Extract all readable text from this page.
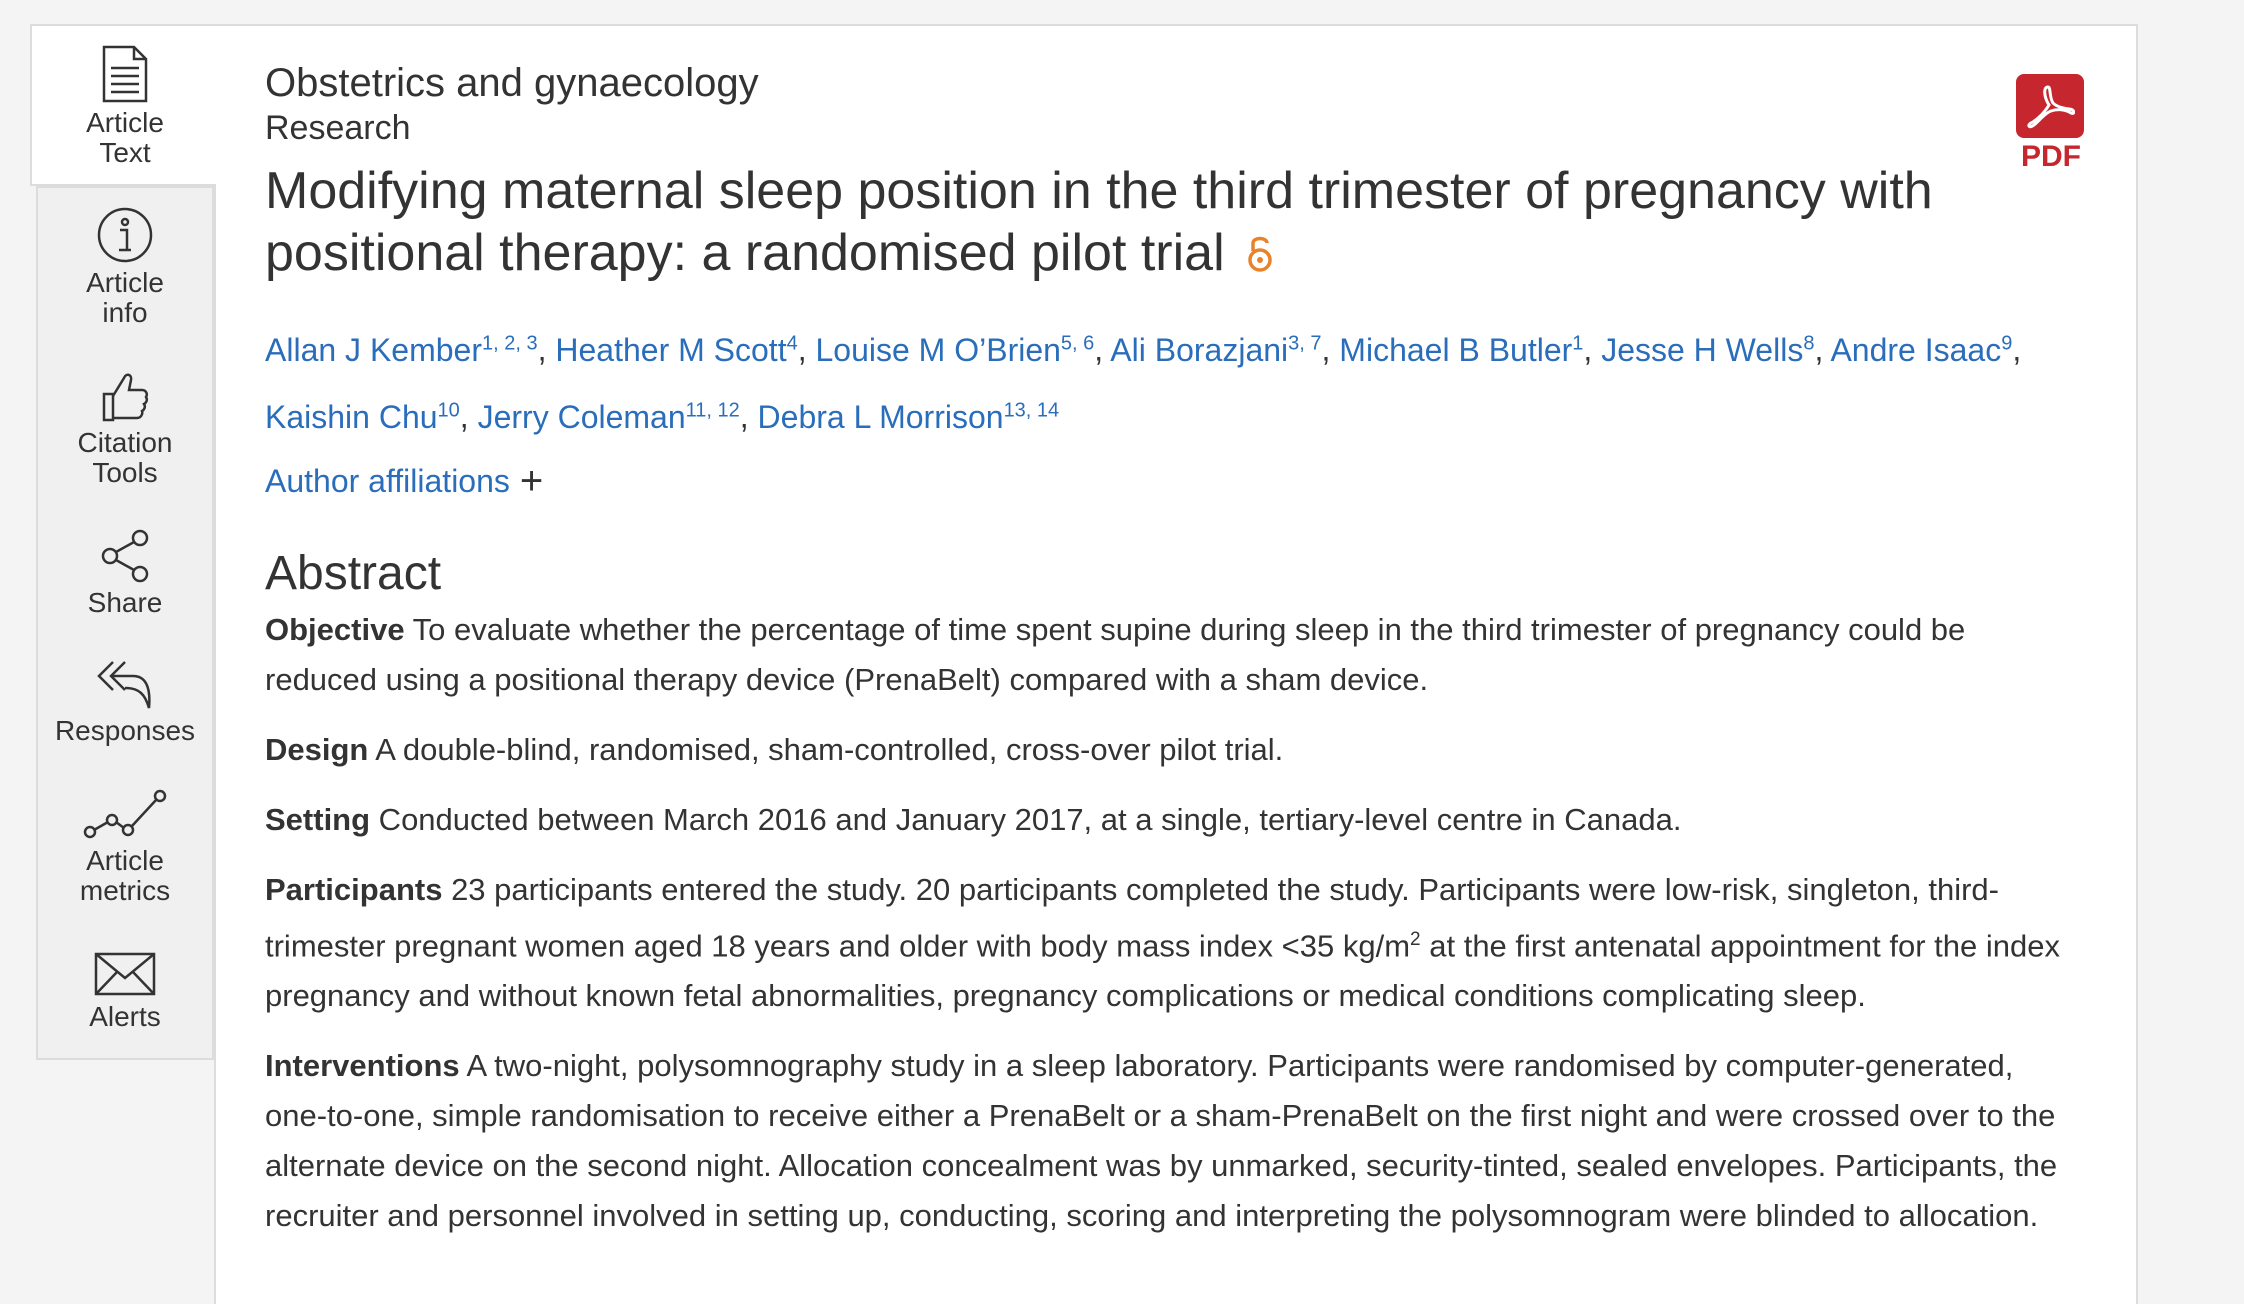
Article
Text
Article
info
Citation
Tools
Share
Responses
Article
metrics
Alerts
PDF

Obstetrics and gynaecology

Research

Modifying maternal sleep position in the third trimester of pregnancy with positional therapy: a randomised pilot trial
Allan J Kember$^{1, 2, 3}$, Heather M Scott$^4$, Louise M O’Brien$^{5, 6}$, Ali Borazjani$^{3, 7}$, Michael B Butler$^1$, Jesse H Wells$^8$, Andre Isaac$^9$, Kaishin Chu$^{10}$, Jerry Coleman$^{11, 12}$, Debra L Morrison$^{13, 14}$
Author affiliations +
Abstract

Objective To evaluate whether the percentage of time spent supine during sleep in the third trimester of pregnancy could be reduced using a positional therapy device (PrenaBelt) compared with a sham device.

Design A double-blind, randomised, sham-controlled, cross-over pilot trial.

Setting Conducted between March 2016 and January 2017, at a single, tertiary-level centre in Canada.

Participants 23 participants entered the study. 20 participants completed the study. Participants were low-risk, singleton, third-trimester pregnant women aged 18 years and older with body mass index <35 $kg/m^2$ at the first antenatal appointment for the index pregnancy and without known fetal abnormalities, pregnancy complications or medical conditions complicating sleep.

Interventions A two-night, polysomnography study in a sleep laboratory. Participants were randomised by computer-generated, one-to-one, simple randomisation to receive either a PrenaBelt or a sham-PrenaBelt on the first night and were crossed over to the alternate device on the second night. Allocation concealment was by unmarked, security-tinted, sealed envelopes. Participants, the recruiter and personnel involved in setting up, conducting, scoring and interpreting the polysomnogram were blinded to allocation.
